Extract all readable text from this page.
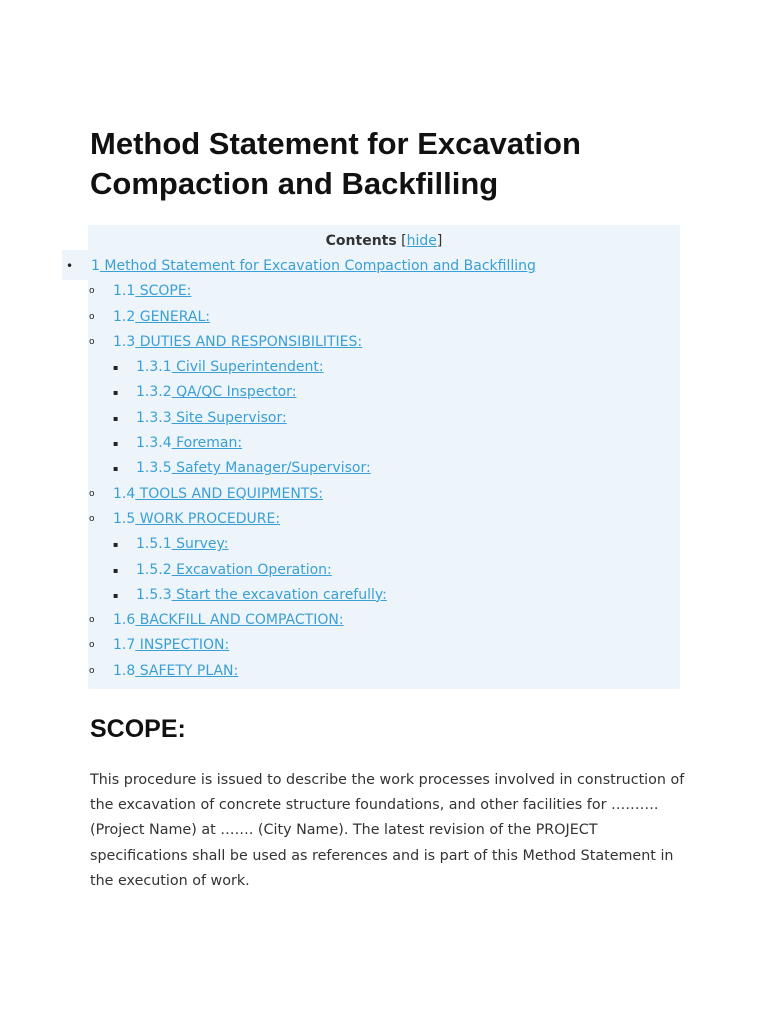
Method Statement for Excavation Compaction and Backfilling
Contents [hide]
• 1 Method Statement for Excavation Compaction and Backfilling
o 1.1 SCOPE:
o 1.2 GENERAL:
o 1.3 DUTIES AND RESPONSIBILITIES:
▪ 1.3.1 Civil Superintendent:
▪ 1.3.2 QA/QC Inspector:
▪ 1.3.3 Site Supervisor:
▪ 1.3.4 Foreman:
▪ 1.3.5 Safety Manager/Supervisor:
o 1.4 TOOLS AND EQUIPMENTS:
o 1.5 WORK PROCEDURE:
▪ 1.5.1 Survey:
▪ 1.5.2 Excavation Operation:
▪ 1.5.3 Start the excavation carefully:
o 1.6 BACKFILL AND COMPACTION:
o 1.7 INSPECTION:
o 1.8 SAFETY PLAN:
SCOPE:

This procedure is issued to describe the work processes involved in construction of the excavation of concrete structure foundations, and other facilities for ………. (Project Name) at ……. (City Name). The latest revision of the PROJECT specifications shall be used as references and is part of this Method Statement in the execution of work.
